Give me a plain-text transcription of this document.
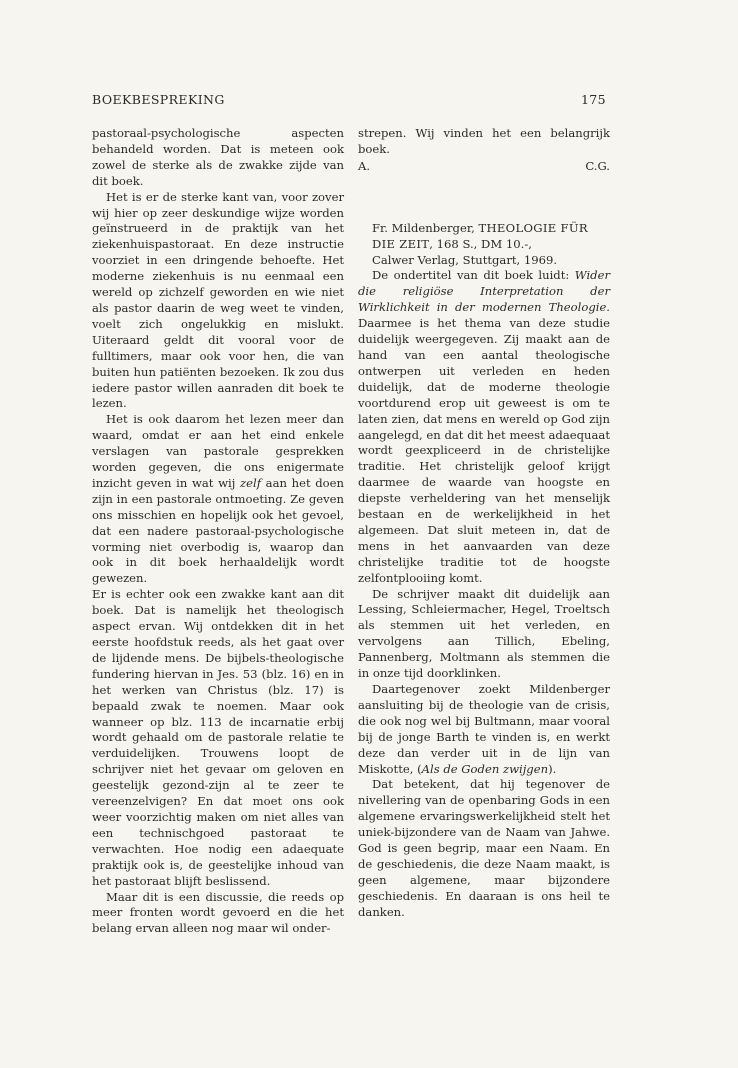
BOEKBESPREKING	175

pastoraal-psychologische aspecten behandeld worden. Dat is meteen ook zowel de sterke als de zwakke zijde van dit boek.

Het is er de sterke kant van, voor zover wij hier op zeer deskundige wijze worden geïnstrueerd in de praktijk van het ziekenhuispastoraat. En deze instructie voorziet in een dringende behoefte. Het moderne ziekenhuis is nu eenmaal een wereld op zichzelf geworden en wie niet als pastor daarin de weg weet te vinden, voelt zich ongelukkig en mislukt. Uiteraard geldt dit vooral voor de fulltimers, maar ook voor hen, die van buiten hun patiënten bezoeken. Ik zou dus iedere pastor willen aanraden dit boek te lezen.

Het is ook daarom het lezen meer dan waard, omdat er aan het eind enkele verslagen van pastorale gesprekken worden gegeven, die ons enigermate inzicht geven in wat wij zelf aan het doen zijn in een pastorale ontmoeting. Ze geven ons misschien en hopelijk ook het gevoel, dat een nadere pastoraal-psychologische vorming niet overbodig is, waarop dan ook in dit boek herhaaldelijk wordt gewezen.

Er is echter ook een zwakke kant aan dit boek. Dat is namelijk het theologisch aspect ervan. Wij ontdekken dit in het eerste hoofdstuk reeds, als het gaat over de lijdende mens. De bijbels-theologische fundering hiervan in Jes. 53 (blz. 16) en in het werken van Christus (blz. 17) is bepaald zwak te noemen. Maar ook wanneer op blz. 113 de incarnatie erbij wordt gehaald om de pastorale relatie te verduidelijken. Trouwens loopt de schrijver niet het gevaar om geloven en geestelijk gezond-zijn al te zeer te vereenzelvigen? En dat moet ons ook weer voorzichtig maken om niet alles van een technischgoed pastoraat te verwachten. Hoe nodig een adaequate praktijk ook is, de geestelijke inhoud van het pastoraat blijft beslissend.

Maar dit is een discussie, die reeds op meer fronten wordt gevoerd en die het belang ervan alleen nog maar wil onder-

strepen. Wij vinden het een belangrijk boek.

A.	C.G.
Fr. Mildenberger, THEOLOGIE FÜR DIE ZEIT, 168 S., DM 10.-,
Calwer Verlag, Stuttgart, 1969.

De ondertitel van dit boek luidt: Wider die religiöse Interpretation der Wirklichkeit in der modernen Theologie. Daarmee is het thema van deze studie duidelijk weergegeven. Zij maakt aan de hand van een aantal theologische ontwerpen uit verleden en heden duidelijk, dat de moderne theologie voortdurend erop uit geweest is om te laten zien, dat mens en wereld op God zijn aangelegd, en dat dit het meest adaequaat wordt geexpliceerd in de christelijke traditie. Het christelijk geloof krijgt daarmee de waarde van hoogste en diepste verheldering van het menselijk bestaan en de werkelijkheid in het algemeen. Dat sluit meteen in, dat de mens in het aanvaarden van deze christelijke traditie tot de hoogste zelfontplooiing komt.

De schrijver maakt dit duidelijk aan Lessing, Schleiermacher, Hegel, Troeltsch als stemmen uit het verleden, en vervolgens aan Tillich, Ebeling, Pannenberg, Moltmann als stemmen die in onze tijd doorklinken.

Daartegenover zoekt Mildenberger aansluiting bij de theologie van de crisis, die ook nog wel bij Bultmann, maar vooral bij de jonge Barth te vinden is, en werkt deze dan verder uit in de lijn van Miskotte, (Als de Goden zwijgen).

Dat betekent, dat hij tegenover de nivellering van de openbaring Gods in een algemene ervaringswerkelijkheid stelt het uniek-bijzondere van de Naam van Jahwe. God is geen begrip, maar een Naam. En de geschiedenis, die deze Naam maakt, is geen algemene, maar bijzondere geschiedenis. En daaraan is ons heil te danken.
